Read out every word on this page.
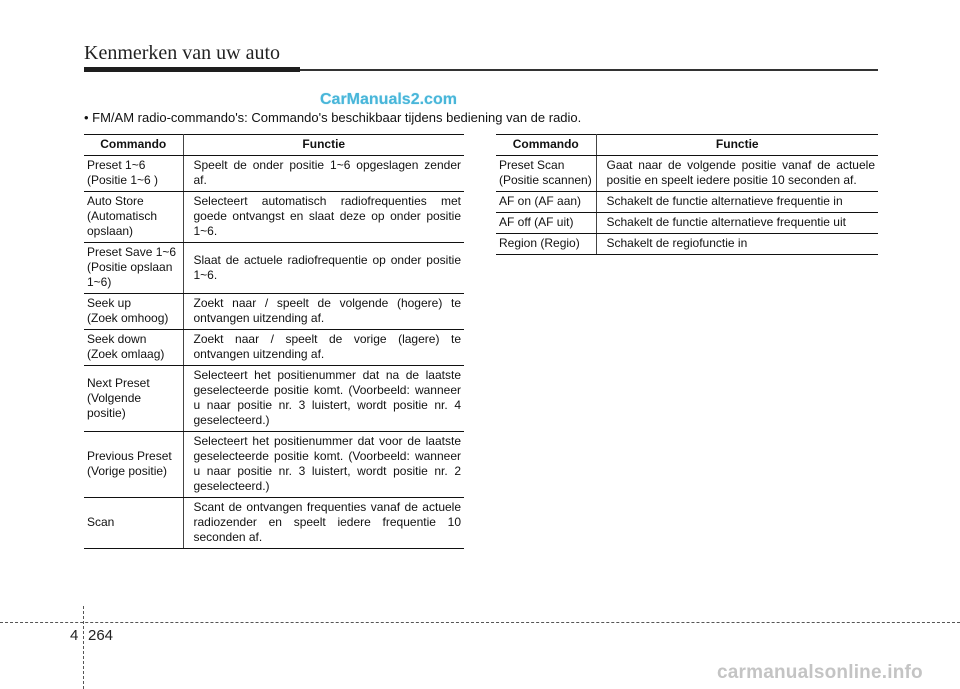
Kenmerken van uw auto
CarManuals2.com
• FM/AM radio-commando's: Commando's beschikbaar tijdens bediening van de radio.
Commando	Functie
Preset 1~6
(Positie 1~6 )	Speelt de onder positie 1~6 opgeslagen zender af.
Auto Store
(Automatisch
opslaan)	Selecteert automatisch radiofrequenties met goede ontvangst en slaat deze op onder positie 1~6.
Preset Save 1~6
(Positie opslaan
1~6)	Slaat de actuele radiofrequentie op onder positie 1~6.
Seek up
(Zoek omhoog)	Zoekt naar / speelt de volgende (hogere) te ontvangen uitzending af.
Seek down
(Zoek omlaag)	Zoekt naar / speelt de vorige (lagere) te ontvangen uitzending af.
Next Preset
(Volgende
positie)	Selecteert het positienummer dat na de laatste geselecteerde positie komt. (Voorbeeld: wanneer u naar positie nr. 3 luistert, wordt positie nr. 4 geselecteerd.)
Previous Preset
(Vorige positie)	Selecteert het positienummer dat voor de laatste geselecteerde positie komt. (Voorbeeld: wanneer u naar positie nr. 3 luistert, wordt positie nr. 2 geselecteerd.)
Scan	Scant de ontvangen frequenties vanaf de actuele radiozender en speelt iedere frequentie 10 seconden af.
Commando	Functie
Preset Scan
(Positie scannen)	Gaat naar de volgende positie vanaf de actuele positie en speelt iedere positie 10 seconden af.
AF on (AF aan)	Schakelt de functie alternatieve frequentie in
AF off (AF uit)	Schakelt de functie alternatieve frequentie uit
Region (Regio)	Schakelt de regiofunctie in
4 264
carmanualsonline.info
